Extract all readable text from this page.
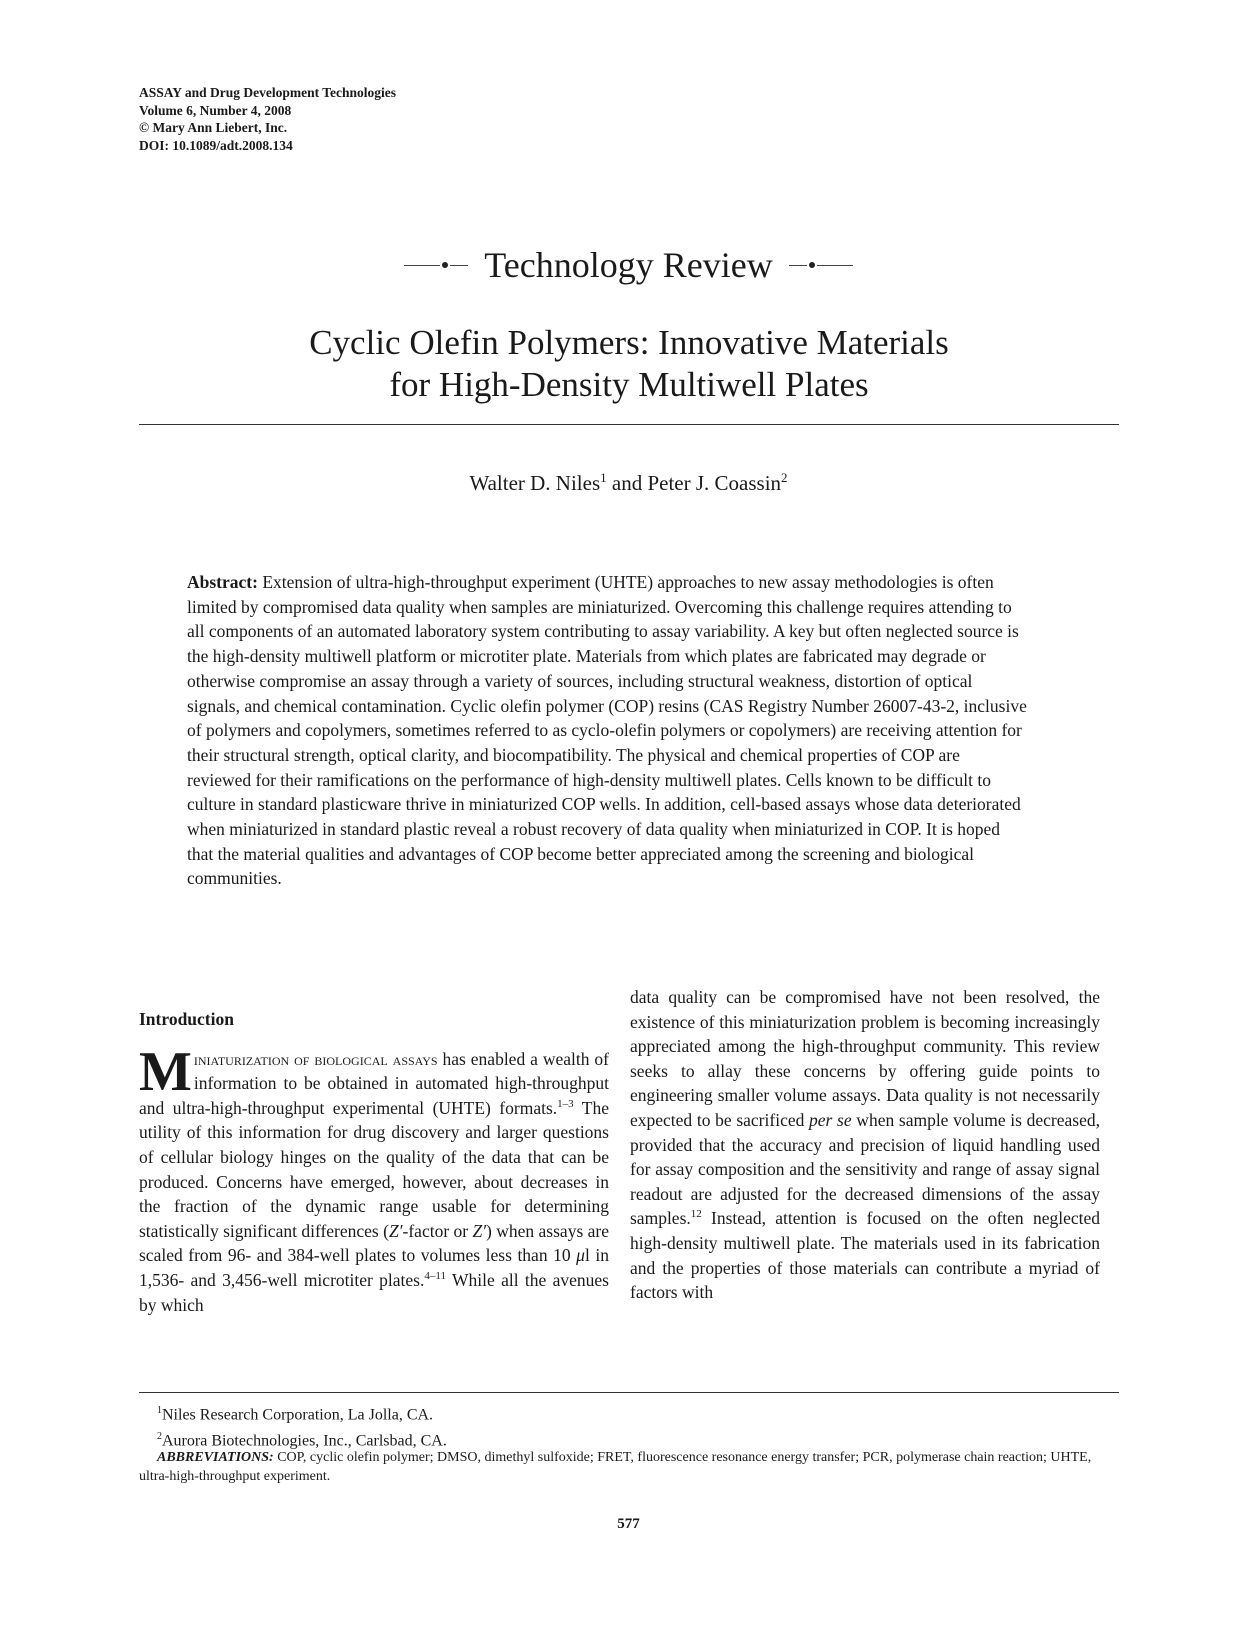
ASSAY and Drug Development Technologies
Volume 6, Number 4, 2008
© Mary Ann Liebert, Inc.
DOI: 10.1089/adt.2008.134
Technology Review
Cyclic Olefin Polymers: Innovative Materials
for High-Density Multiwell Plates
Walter D. Niles$^1$ and Peter J. Coassin$^2$
Abstract: Extension of ultra-high-throughput experiment (UHTE) approaches to new assay methodologies is often limited by compromised data quality when samples are miniaturized. Overcoming this challenge requires attending to all components of an automated laboratory system contributing to assay variability. A key but often neglected source is the high-density multiwell platform or microtiter plate. Materials from which plates are fabricated may degrade or otherwise compromise an assay through a variety of sources, including structural weakness, distortion of optical signals, and chemical contamination. Cyclic olefin polymer (COP) resins (CAS Registry Number 26007-43-2, inclusive of polymers and copolymers, sometimes referred to as cyclo-olefin polymers or copolymers) are receiving attention for their structural strength, optical clarity, and biocompatibility. The physical and chemical properties of COP are reviewed for their ramifications on the performance of high-density multiwell plates. Cells known to be difficult to culture in standard plasticware thrive in miniaturized COP wells. In addition, cell-based assays whose data deteriorated when miniaturized in standard plastic reveal a robust recovery of data quality when miniaturized in COP. It is hoped that the material qualities and advantages of COP become better appreciated among the screening and biological communities.
Introduction

Miniaturization of biological assays has enabled a wealth of information to be obtained in automated high-throughput and ultra-high-throughput experimental (UHTE) formats.$^{1-3}$ The utility of this information for drug discovery and larger questions of cellular biology hinges on the quality of the data that can be produced. Concerns have emerged, however, about decreases in the fraction of the dynamic range usable for determining statistically significant differences (Z′-factor or Z′) when assays are scaled from 96- and 384-well plates to volumes less than 10 μl in 1,536- and 3,456-well microtiter plates.$^{4-11}$ While all the avenues by which

data quality can be compromised have not been resolved, the existence of this miniaturization problem is becoming increasingly appreciated among the high-throughput community. This review seeks to allay these concerns by offering guide points to engineering smaller volume assays. Data quality is not necessarily expected to be sacrificed per se when sample volume is decreased, provided that the accuracy and precision of liquid handling used for assay composition and the sensitivity and range of assay signal readout are adjusted for the decreased dimensions of the assay samples.$^{12}$ Instead, attention is focused on the often neglected high-density multiwell plate. The materials used in its fabrication and the properties of those materials can contribute a myriad of factors with

$^1$Niles Research Corporation, La Jolla, CA.
$^2$Aurora Biotechnologies, Inc., Carlsbad, CA.
ABBREVIATIONS: COP, cyclic olefin polymer; DMSO, dimethyl sulfoxide; FRET, fluorescence resonance energy transfer; PCR, polymerase chain reaction; UHTE, ultra-high-throughput experiment.
577
